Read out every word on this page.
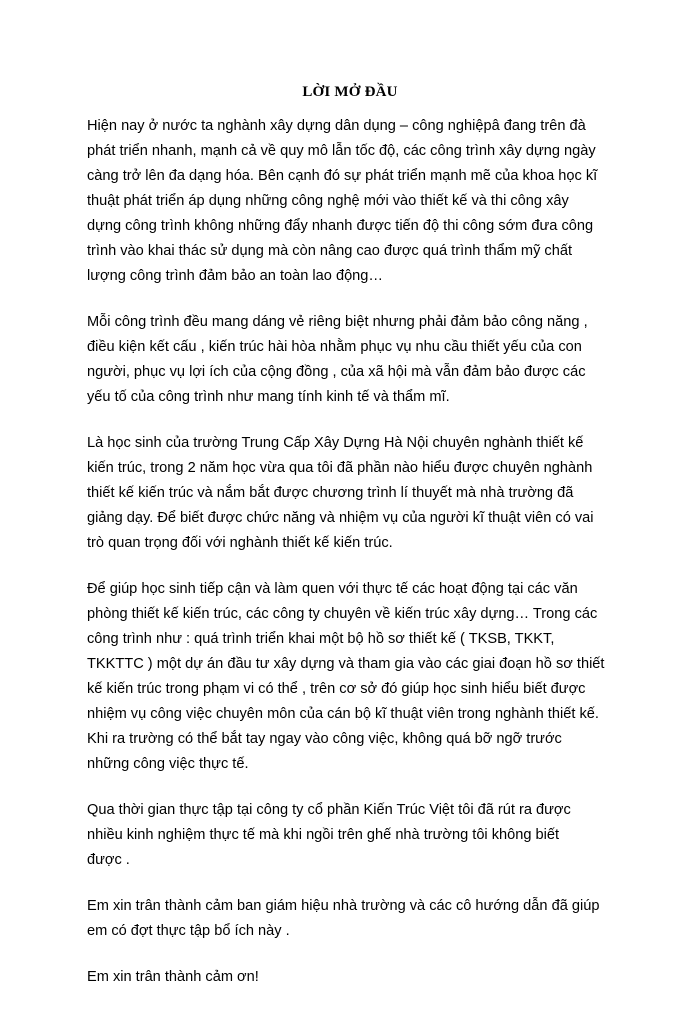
LỜI MỞ ĐẦU

Hiện nay ở nước ta nghành xây dựng dân dụng – công nghiệpâ đang trên đà
phát triển nhanh, mạnh cả về quy mô lẫn tốc độ, các công trình xây dựng ngày
càng trở lên đa dạng hóa. Bên cạnh đó sự phát triển mạnh mẽ của khoa học kĩ
thuật phát triển áp dụng những công nghệ mới vào thiết kế và thi công xây
dựng công trình không những đẩy nhanh được tiến độ thi công sớm đưa công
trình vào khai thác sử dụng mà còn nâng cao được quá trình thẩm mỹ chất
lượng công trình đảm bảo an toàn lao động…

Mỗi công trình đều mang dáng vẻ riêng biệt nhưng phải đảm bảo công năng ,
điều kiện kết cấu , kiến trúc hài hòa nhằm phục vụ nhu cầu thiết yếu của con
người, phục vụ lợi ích của cộng đồng , của xã hội mà vẫn đảm bảo được các
yếu tố của công trình như mang tính kinh tế và thẩm mĩ.

Là học sinh của trường Trung Cấp Xây Dựng Hà Nội chuyên nghành thiết kế
kiến trúc, trong 2 năm học vừa qua tôi đã phần nào hiểu được chuyên nghành
thiết kế kiến trúc và nắm bắt được chương trình lí thuyết mà nhà trường đã
giảng dạy. Để biết được chức năng và nhiệm vụ của người kĩ thuật viên có vai
trò quan trọng đối với nghành thiết kế kiến trúc.

Để giúp học sinh tiếp cận và làm quen với thực tế các hoạt động tại các văn
phòng thiết kế kiến trúc, các công ty chuyên về kiến trúc xây dựng… Trong các
công trình như : quá trình triển khai một bộ hồ sơ thiết kế ( TKSB, TKKT,
TKKTTC ) một dự án đầu tư xây dựng và tham gia vào các giai đoạn hồ sơ thiết
kế kiến trúc trong phạm vi có thể , trên cơ sở đó giúp học sinh hiểu biết được
nhiệm vụ công việc chuyên môn của cán bộ kĩ thuật viên trong nghành thiết kế.
Khi ra trường có thể bắt tay ngay vào công việc, không quá bỡ ngỡ trước
những công việc thực tế.

Qua thời gian thực tập tại công ty cổ phần Kiến Trúc Việt tôi đã rút ra được
nhiều kinh nghiệm thực tế mà khi ngồi trên ghế nhà trường tôi không biết
được .

Em xin trân thành cảm ban giám hiệu nhà trường và các cô hướng dẫn đã giúp
em có đợt thực tập bổ ích này .

Em xin trân thành cảm ơn!
